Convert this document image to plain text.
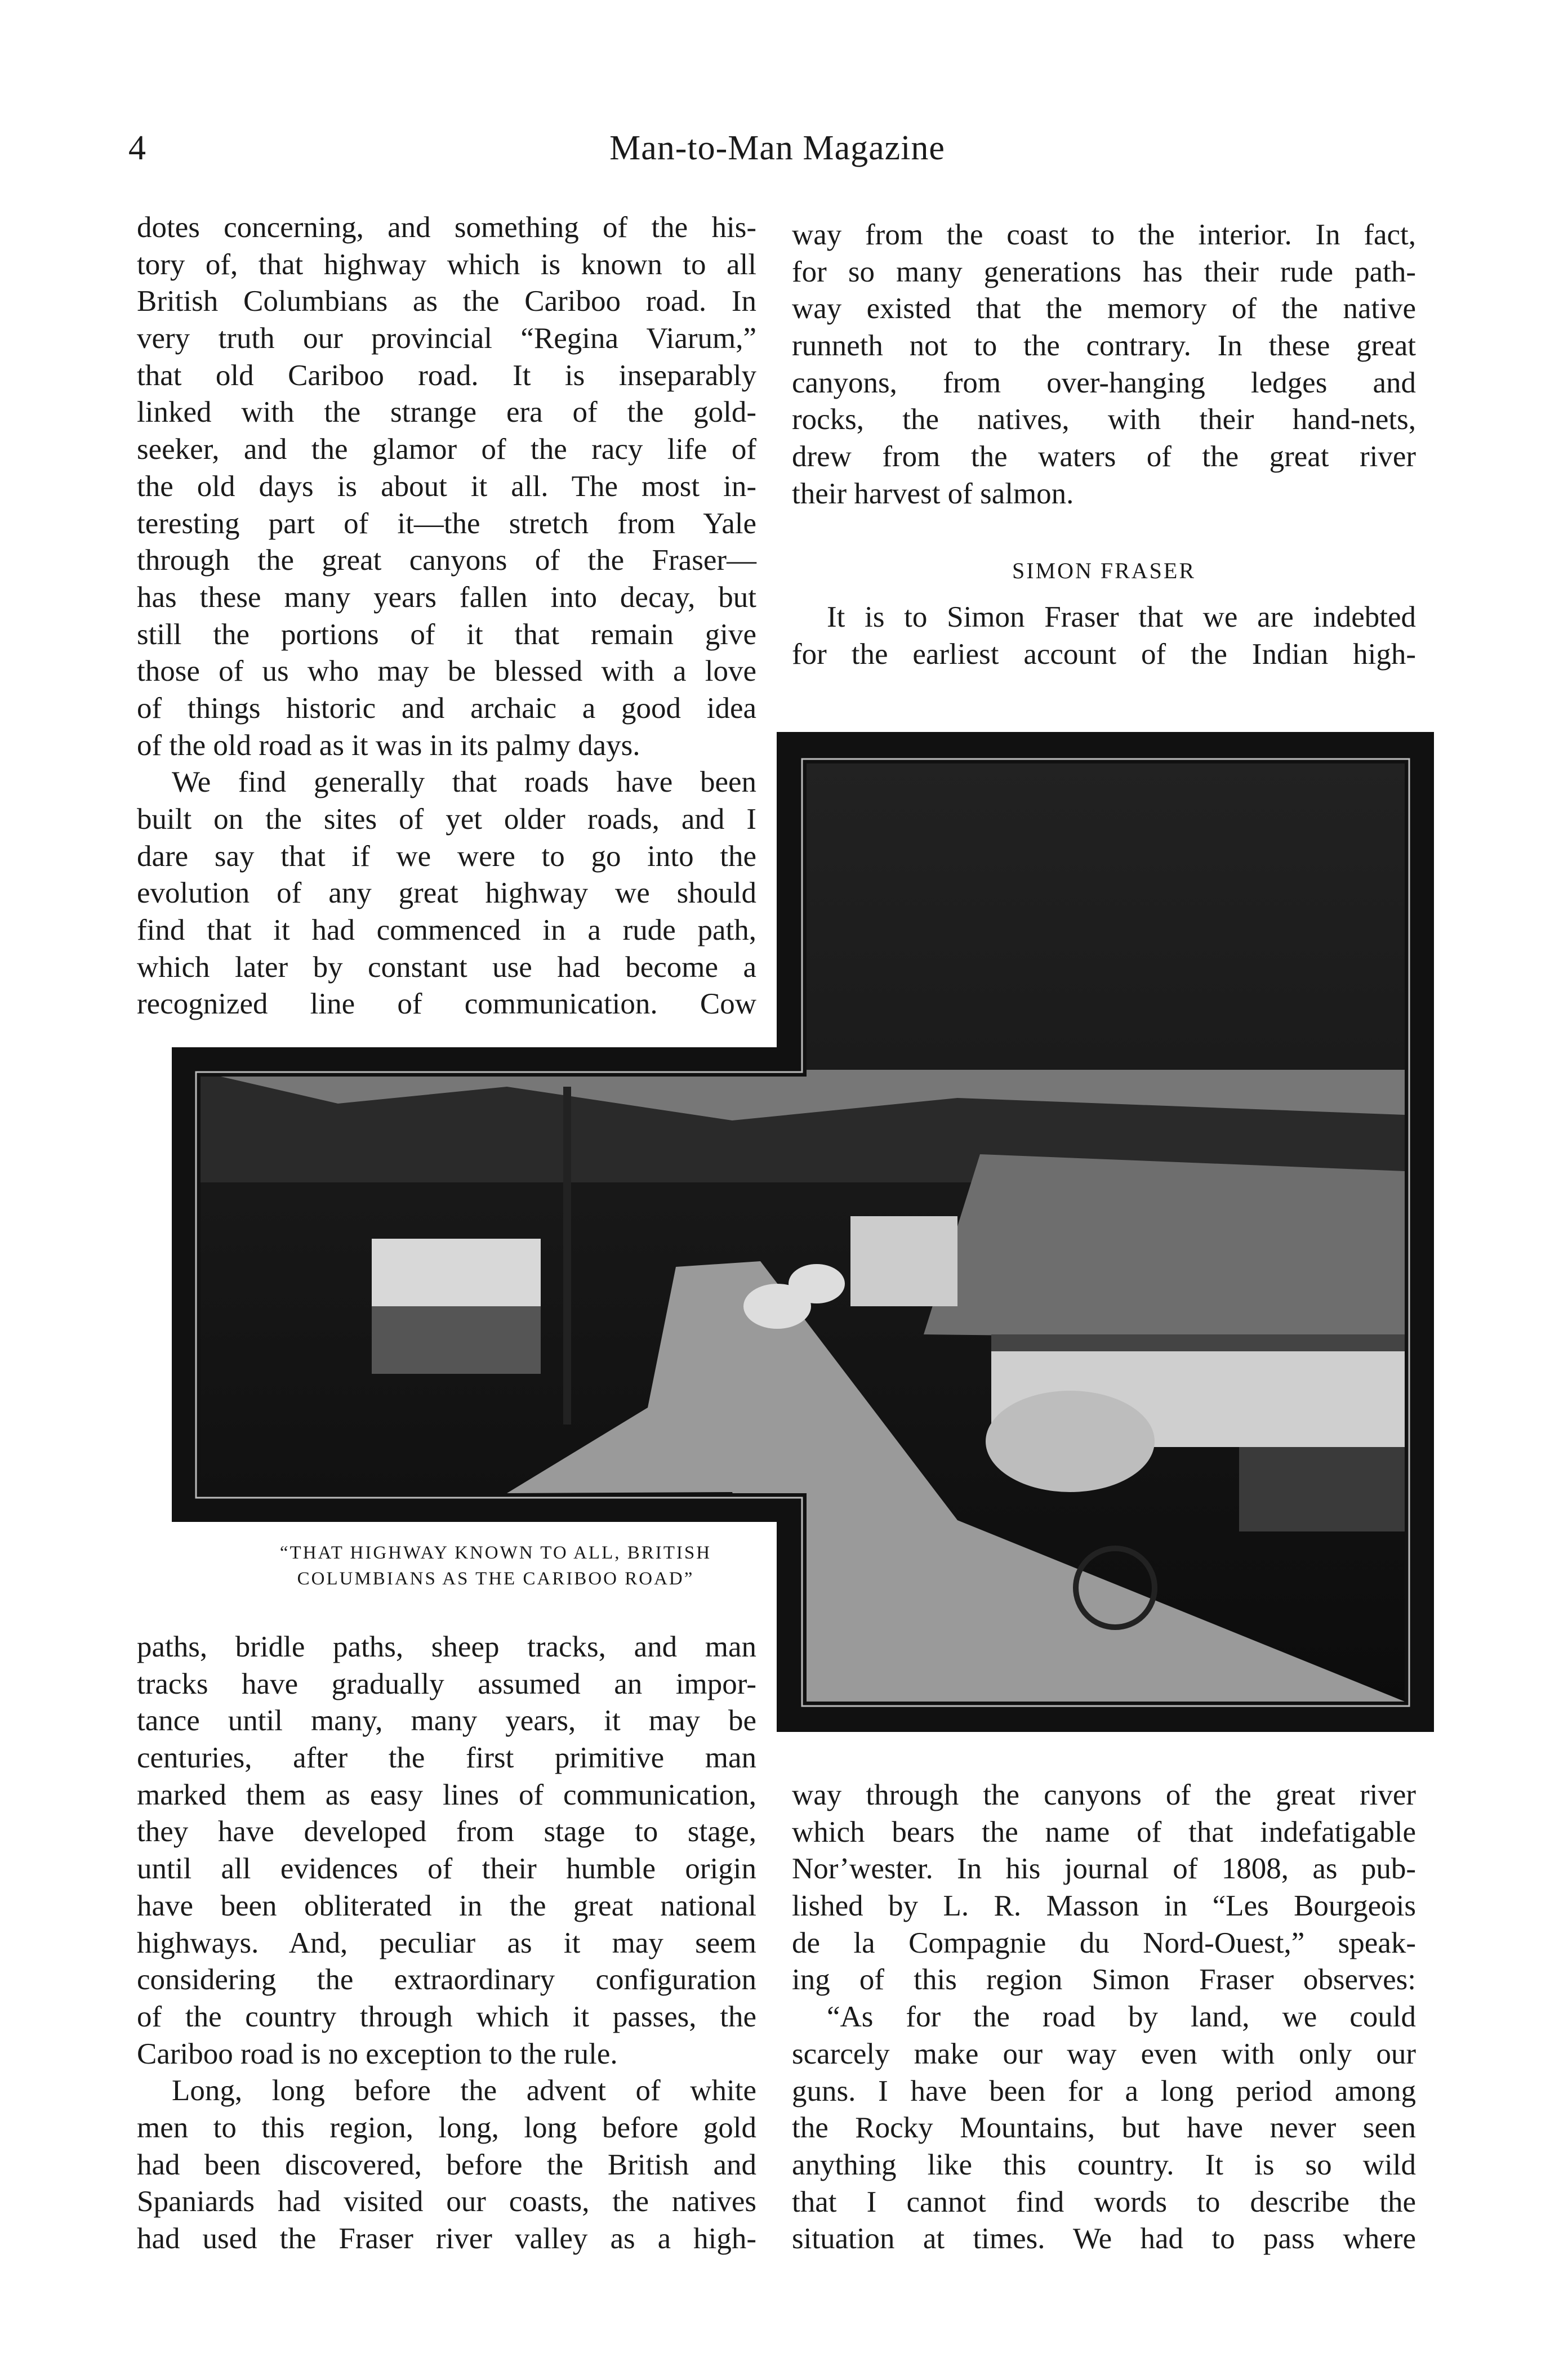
4	Man-to-Man Magazine
dotes concerning, and something of the his-
tory of, that highway which is known to all
British Columbians as the Cariboo road. In
very truth our provincial “Regina Viarum,”
that old Cariboo road. It is inseparably
linked with the strange era of the gold-
seeker, and the glamor of the racy life of
the old days is about it all. The most in-
teresting part of it—the stretch from Yale
through the great canyons of the Fraser—
has these many years fallen into decay, but
still the portions of it that remain give
those of us who may be blessed with a love
of things historic and archaic a good idea
of the old road as it was in its palmy days.
We find generally that roads have been
built on the sites of yet older roads, and I
dare say that if we were to go into the
evolution of any great highway we should
find that it had commenced in a rude path,
which later by constant use had become a
recognized line of communication. Cow
way from the coast to the interior. In fact,
for so many generations has their rude path-
way existed that the memory of the native
runneth not to the contrary. In these great
canyons, from over-hanging ledges and
rocks, the natives, with their hand-nets,
drew from the waters of the great river
their harvest of salmon.
SIMON FRASER
It is to Simon Fraser that we are indebted
for the earliest account of the Indian high-
“THAT HIGHWAY KNOWN TO ALL, BRITISH
COLUMBIANS AS THE CARIBOO ROAD”
paths, bridle paths, sheep tracks, and man
tracks have gradually assumed an impor-
tance until many, many years, it may be
centuries, after the first primitive man
marked them as easy lines of communication,
they have developed from stage to stage,
until all evidences of their humble origin
have been obliterated in the great national
highways. And, peculiar as it may seem
considering the extraordinary configuration
of the country through which it passes, the
Cariboo road is no exception to the rule.
Long, long before the advent of white
men to this region, long, long before gold
had been discovered, before the British and
Spaniards had visited our coasts, the natives
had used the Fraser river valley as a high-
way through the canyons of the great river
which bears the name of that indefatigable
Nor’wester. In his journal of 1808, as pub-
lished by L. R. Masson in “Les Bourgeois
de la Compagnie du Nord-Ouest,” speak-
ing of this region Simon Fraser observes:
“As for the road by land, we could
scarcely make our way even with only our
guns. I have been for a long period among
the Rocky Mountains, but have never seen
anything like this country. It is so wild
that I cannot find words to describe the
situation at times. We had to pass where
